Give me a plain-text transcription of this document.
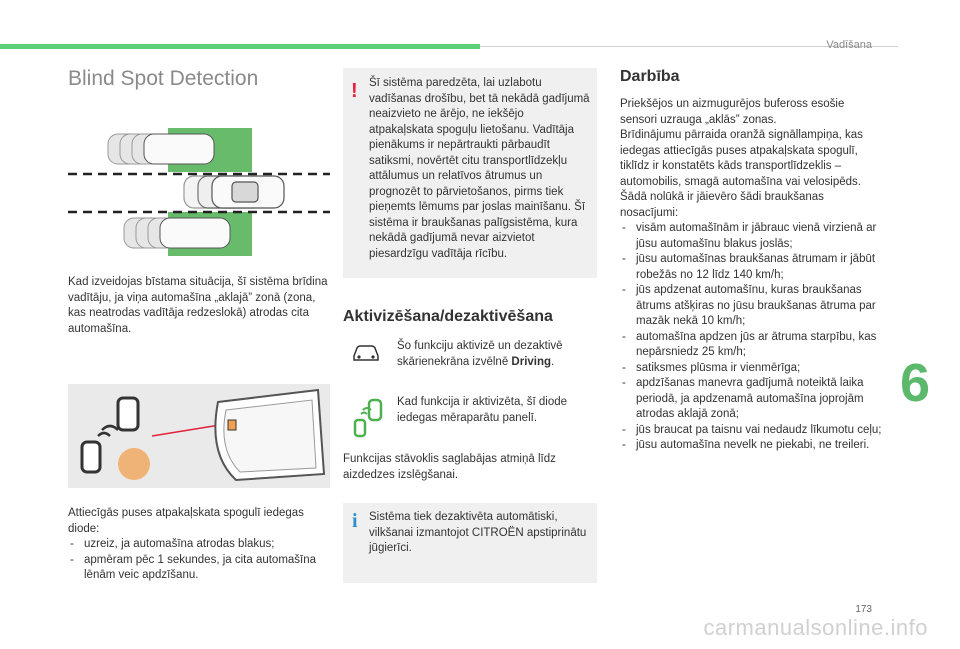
Vadīšana
6
173
carmanualsonline.info
Blind Spot Detection

Kad izveidojas bīstama situācija, šī sistēma brīdina vadītāju, ja viņa automašīna „aklajā” zonā (zona, kas neatrodas vadītāja redzeslokā) atrodas cita automašīna.

Attiecīgās puses atpakaļskata spogulī iedegas diode:

- uzreiz, ja automašīna atrodas blakus;
- apmēram pēc 1 sekundes, ja cita automašīna lēnām veic apdzīšanu.
! Šī sistēma paredzēta, lai uzlabotu vadīšanas drošību, bet tā nekādā gadījumā neaizvieto ne ārējo, ne iekšējo atpakaļskata spoguļu lietošanu. Vadītāja pienākums ir nepārtraukti pārbaudīt satiksmi, novērtēt citu transportlīdzekļu attālumus un relatīvos ātrumus un prognozēt to pārvietošanos, pirms tiek pieņemts lēmums par joslas mainīšanu. Šī sistēma ir braukšanas palīgsistēma, kura nekādā gadījumā nevar aizvietot piesardzīgu vadītāja rīcību.

Aktivizēšana/dezaktivēšana

Šo funkciju aktivizē un dezaktivē skārienekrāna izvēlnē Driving.

Kad funkcija ir aktivizēta, šī diode iedegas mēraparātu panelī.

Funkcijas stāvoklis saglabājas atmiņā līdz aizdedzes izslēgšanai.

i Sistēma tiek dezaktivēta automātiski, vilkšanai izmantojot CITROËN apstiprinātu jūgierīci.

Darbība

Priekšējos un aizmugurējos bufeross esošie sensori uzrauga „aklās” zonas.

Brīdinājumu pārraida oranžā signāllampiņa, kas iedegas attiecīgās puses atpakaļskata spogulī, tiklīdz ir konstatēts kāds transportlīdzeklis – automobilis, smagā automašīna vai velosipēds.

Šādā nolūkā ir jāievēro šādi braukšanas nosacījumi:

- visām automašīnām ir jābrauc vienā virzienā ar jūsu automašīnu blakus joslās;
- jūsu automašīnas braukšanas ātrumam ir jābūt robežās no 12 līdz 140 km/h;
- jūs apdzenat automašīnu, kuras braukšanas ātrums atšķiras no jūsu braukšanas ātruma par mazāk nekā 10 km/h;
- automašīna apdzen jūs ar ātruma starpību, kas nepārsniedz 25 km/h;
- satiksmes plūsma ir vienmērīga;
- apdzīšanas manevra gadījumā noteiktā laika periodā, ja apdzenamā automašīna joprojām atrodas aklajā zonā;
- jūs braucat pa taisnu vai nedaudz līkumotu ceļu;
- jūsu automašīna nevelk ne piekabi, ne treileri.
